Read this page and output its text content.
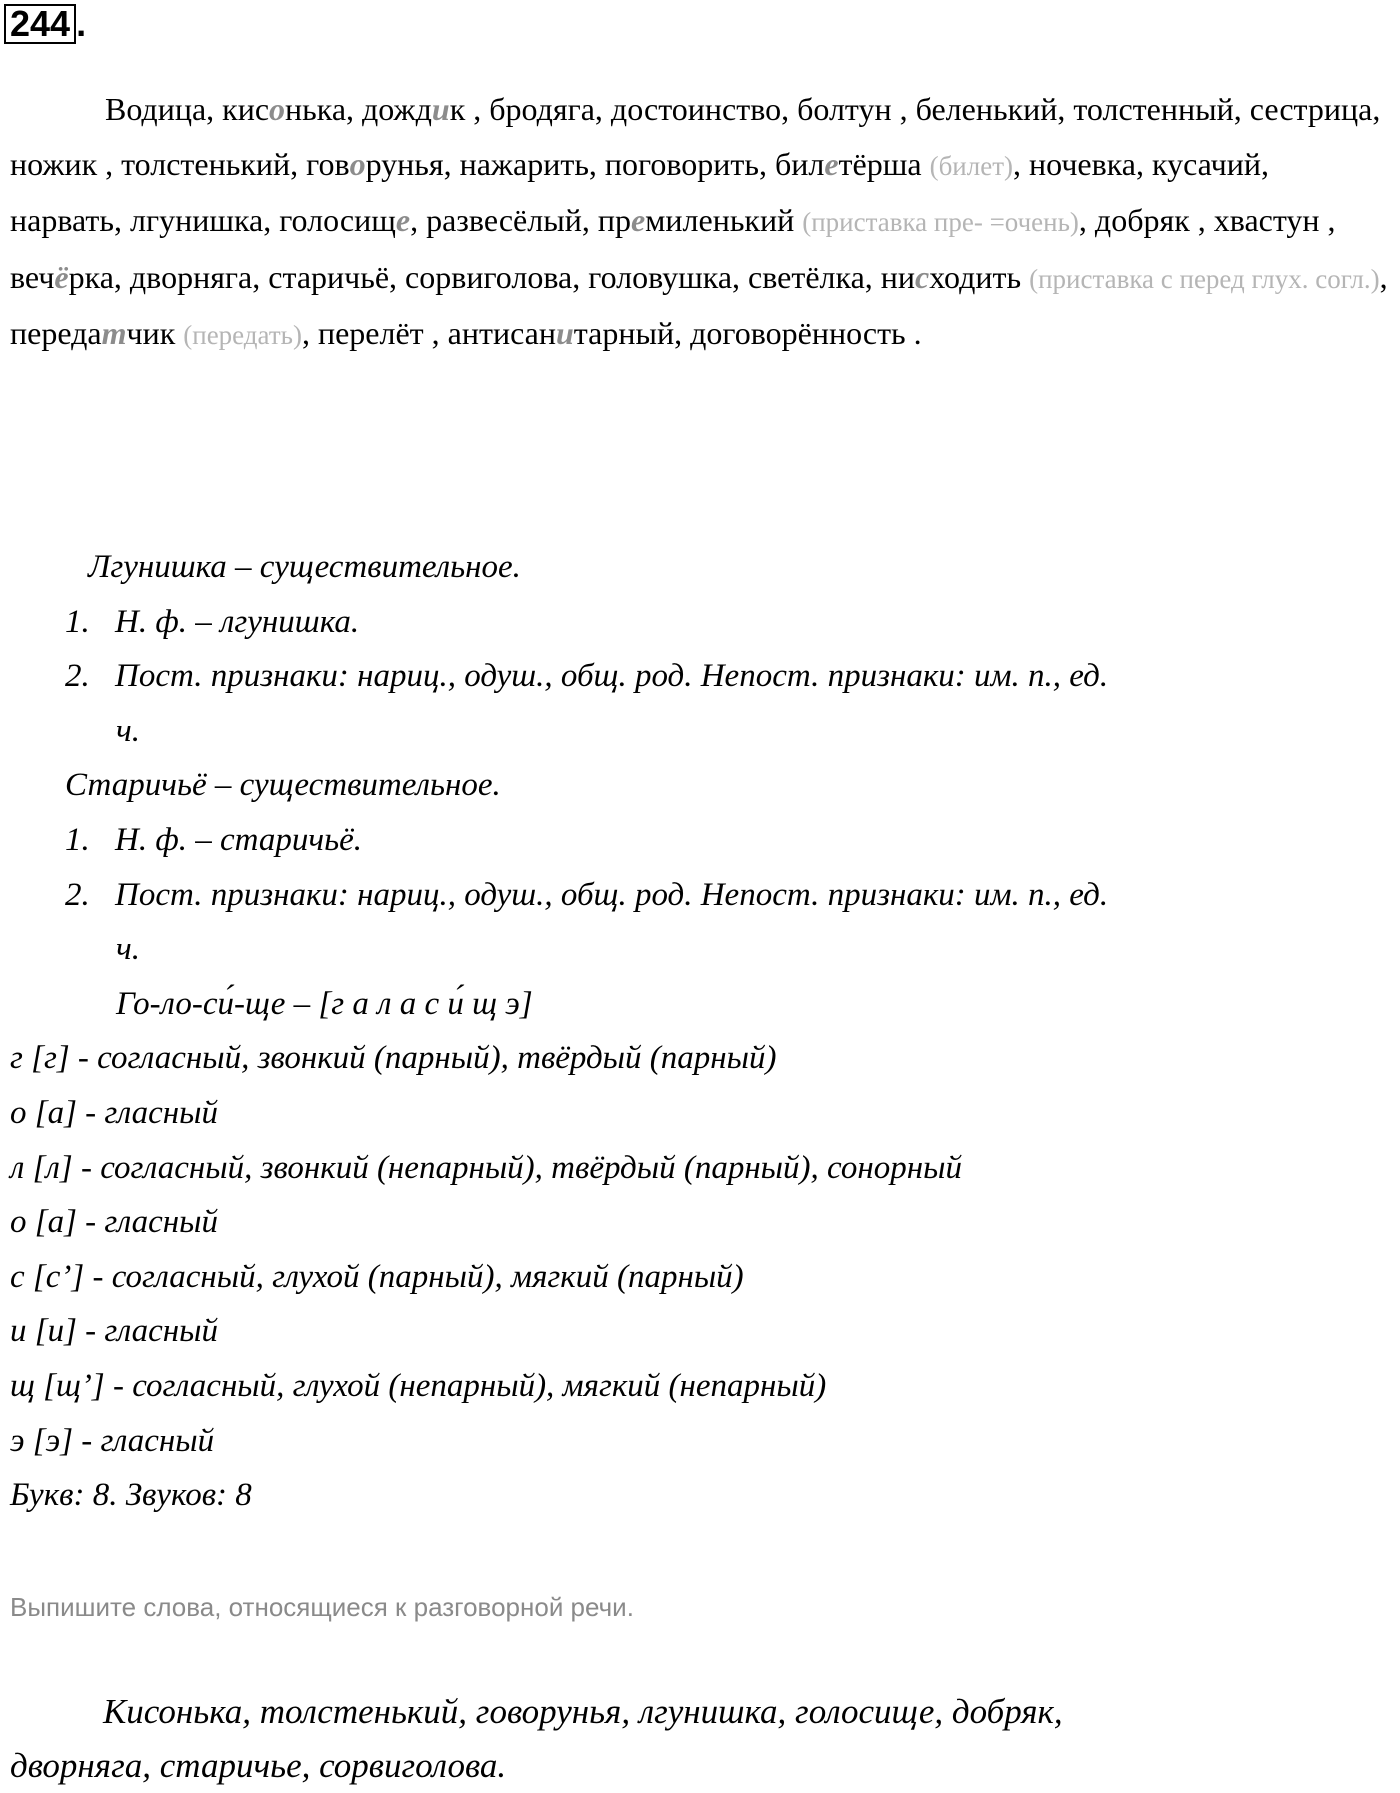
244 .
Водица, кисонька, дождик , бродяга, достоинство, болтун , беленький, толстенный, сестрица, ножик , толстенький, говорунья, нажарить, поговорить, билетёрша (билет), ночевка, кусачий, нарвать, лгунишка, голосище, развесёлый, премиленький (приставка пре- =очень), добряк , хвастун , вечёрка, дворняга, старичьё, сорвиголова, головушка, светёлка, нисходить (приставка с перед глух. согл.), передатчик (передать), перелёт , антисанитарный, договорённость .
Лгунишка – существительное.
1. Н. ф. – лгунишка.
2. Пост. признаки: нариц., одуш., общ. род. Непост. признаки: им. п., ед.
ч.
Старичьё – существительное.
1. Н. ф. – старичьё.
2. Пост. признаки: нариц., одуш., общ. род. Непост. признаки: им. п., ед.
ч.
Го-ло-си́-ще – [г а л а с и́ щ э]
г [г] - согласный, звонкий (парный), твёрдый (парный)
о [а] - гласный
л [л] - согласный, звонкий (непарный), твёрдый (парный), сонорный
о [а] - гласный
с [с’] - согласный, глухой (парный), мягкий (парный)
и [и] - гласный
щ [щ’] - согласный, глухой (непарный), мягкий (непарный)
э [э] - гласный
Букв: 8. Звуков: 8
Выпишите слова, относящиеся к разговорной речи.
Кисонька, толстенький, говорунья, лгунишка, голосище, добряк,
дворняга, старичье, сорвиголова.
